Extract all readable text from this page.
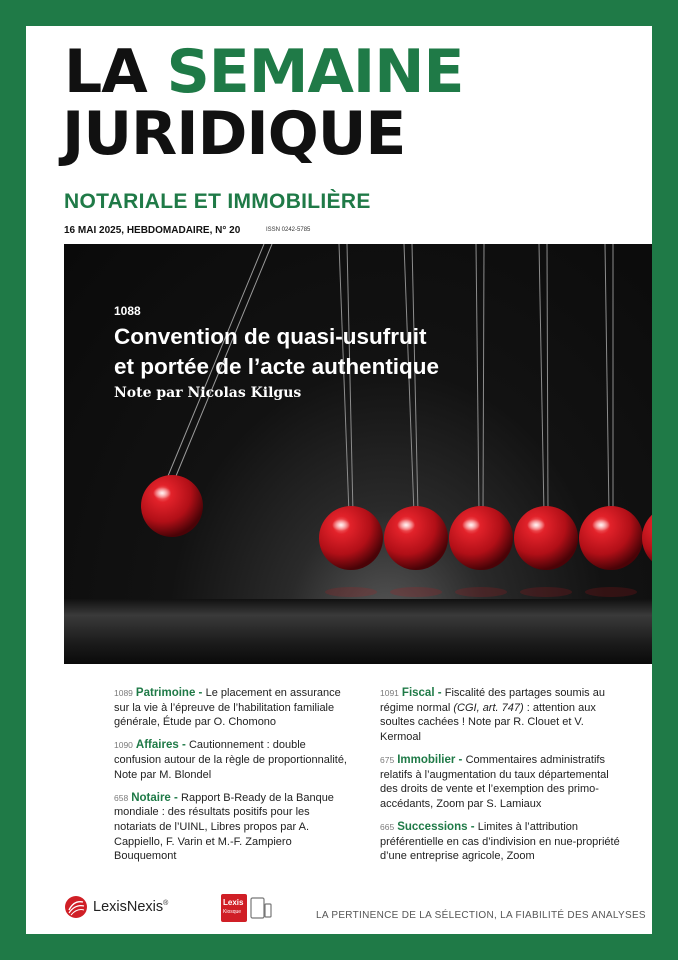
LA SEMAINE
JURIDIQUE
NOTARIALE ET IMMOBILIÈRE
16 MAI 2025, HEBDOMADAIRE, N° 20	ISSN 0242-5785
1088
Convention de quasi-usufruit
et portée de l’acte authentique
Note par Nicolas Kilgus
1089 Patrimoine - Le placement en assurance sur la vie à l’épreuve de l’habilitation familiale générale, Étude par O. Chomono
1090 Affaires - Cautionnement : double confusion autour de la règle de proportionnalité, Note par M. Blondel
658 Notaire - Rapport B-Ready de la Banque mondiale : des résultats positifs pour les notariats de l’UINL, Libres propos par A. Cappiello, F. Varin et M.-F. Zampiero Bouquemont
1091 Fiscal - Fiscalité des partages soumis au régime normal (CGI, art. 747) : attention aux soultes cachées ! Note par R. Clouet et V. Kermoal
675 Immobilier - Commentaires administratifs relatifs à l’augmentation du taux départemental des droits de vente et l’exemption des primo-accédants, Zoom par S. Lamiaux
665 Successions - Limites à l’attribution préférentielle en cas d’indivision en nue-propriété d’une entreprise agricole, Zoom
LexisNexis®	Lexis
Kiosque	LA PERTINENCE DE LA SÉLECTION, LA FIABILITÉ DES ANALYSES
